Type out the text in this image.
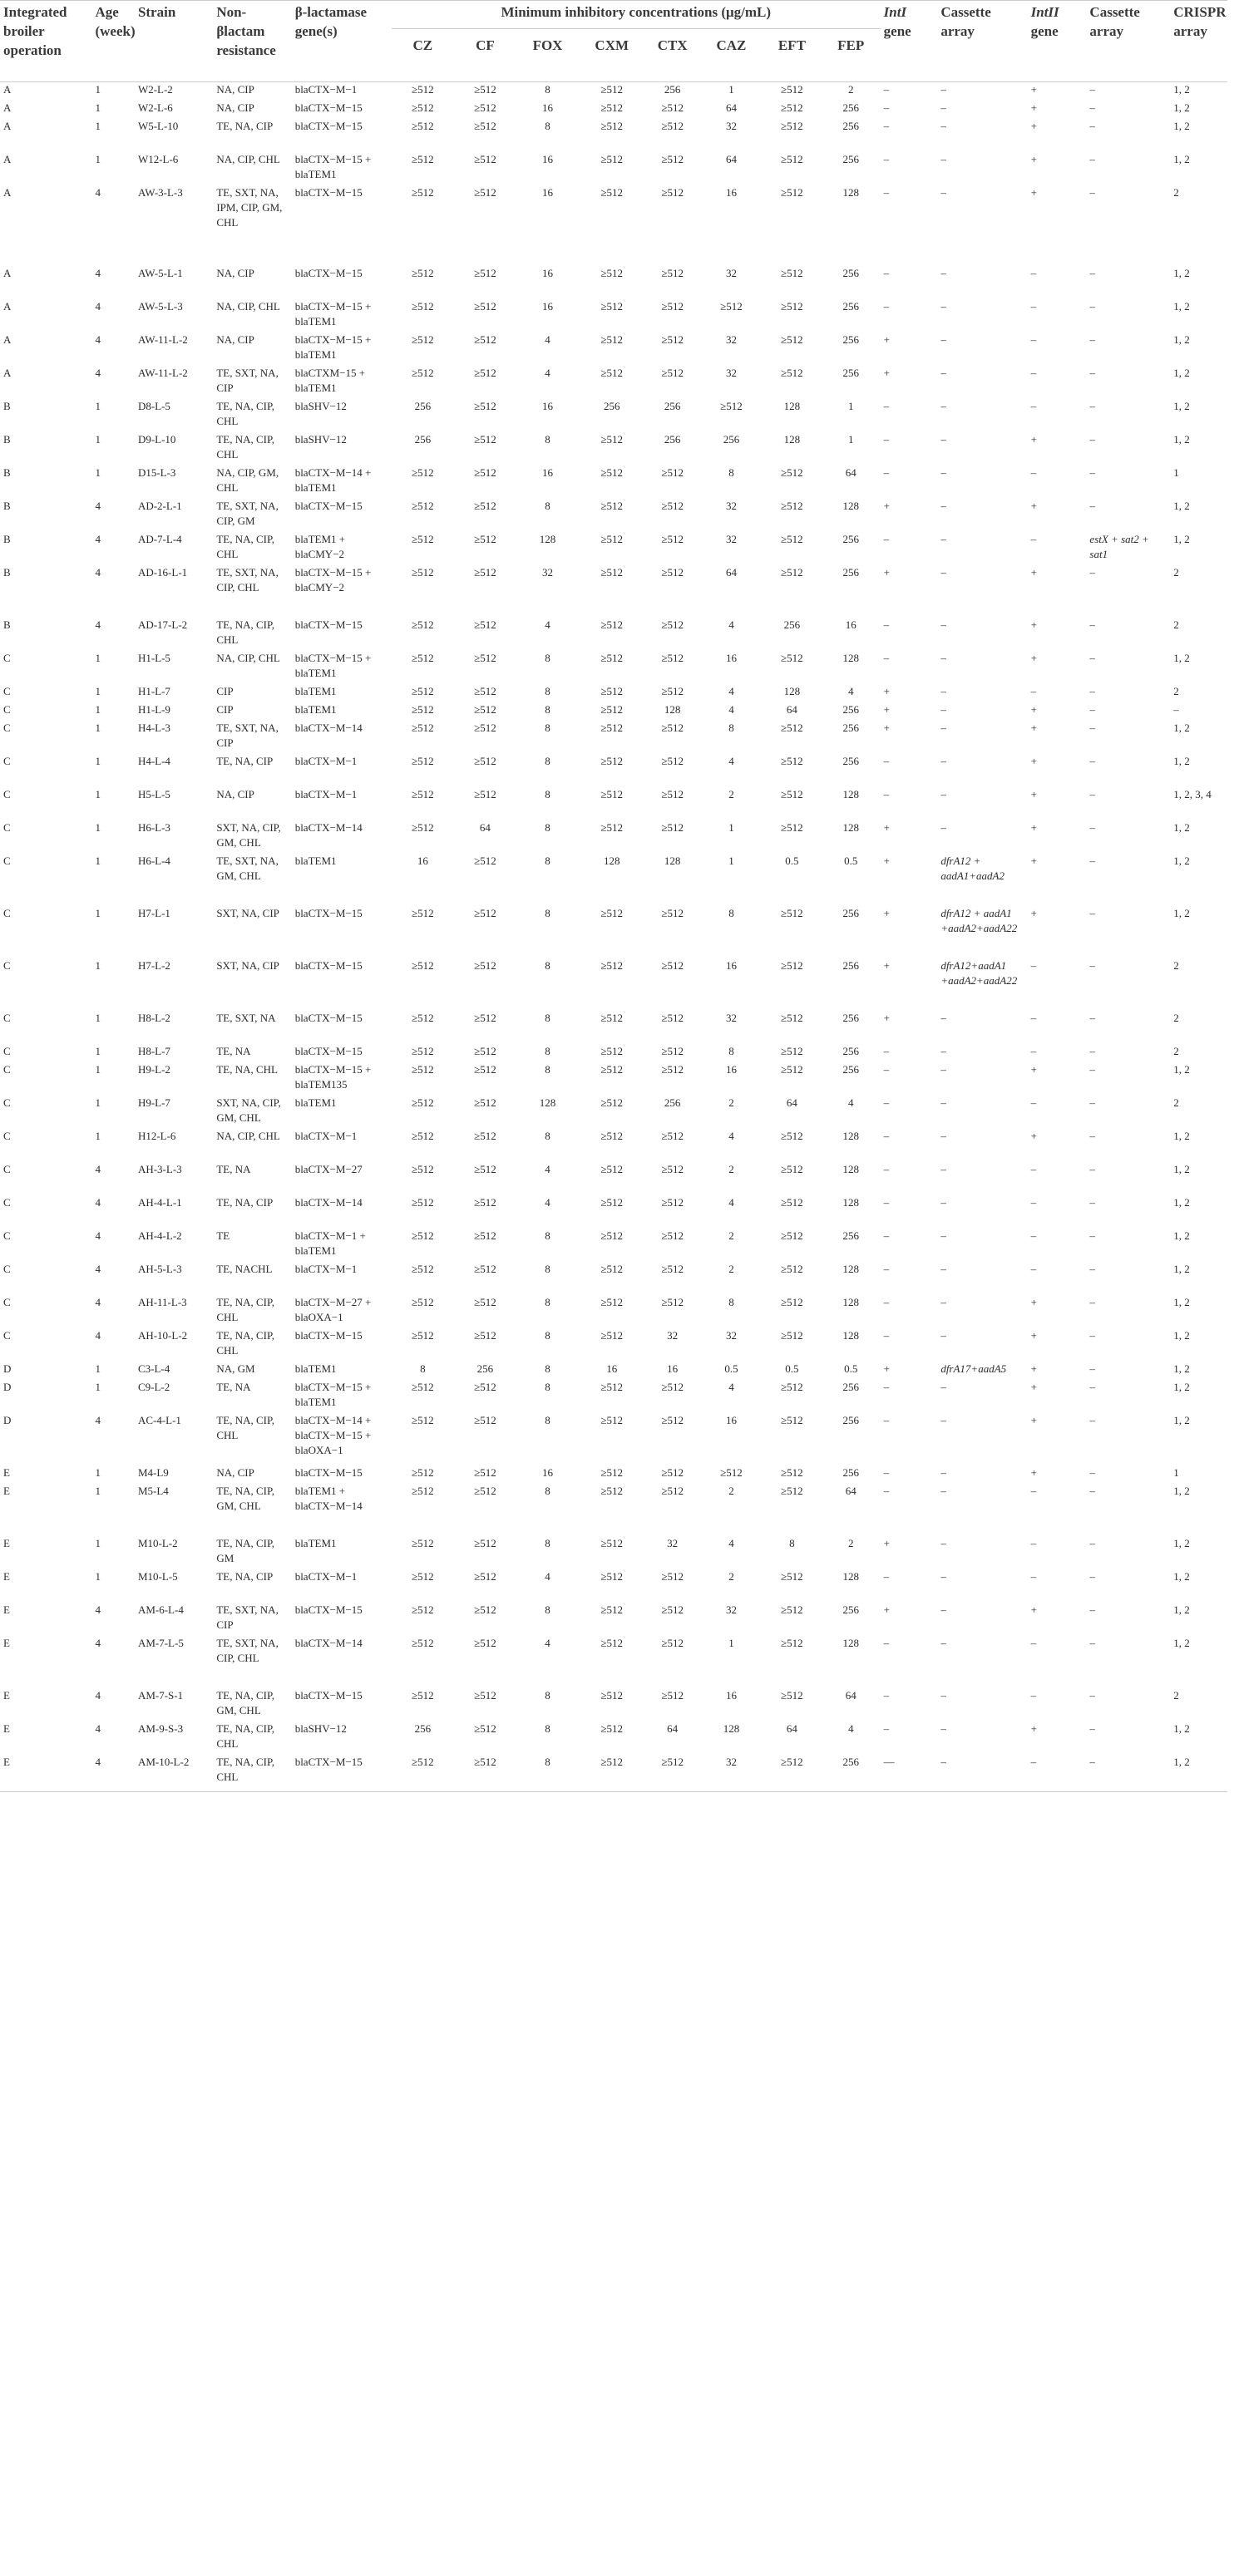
Integrated broiler operation	Age (week)	Strain	Non-βlactam resistance	β-lactamase gene(s)	Minimum inhibitory concentrations (μg/mL)								IntI gene	Cassette array	IntII gene	Cassette array	CRISPR array
					CZ	CF	FOX	CXM	CTX	CAZ	EFT	FEP					

A	1	W2-L-2	NA, CIP	blaCTX−M−1	≥512	≥512	8	≥512	256	1	≥512	2	–	–	+	–	1, 2
A	1	W2-L-6	NA, CIP	blaCTX−M−15	≥512	≥512	16	≥512	≥512	64	≥512	256	–	–	+	–	1, 2
A	1	W5-L-10	TE, NA, CIP	blaCTX−M−15	≥512	≥512	8	≥512	≥512	32	≥512	256	–	–	+	–	1, 2
A	1	W12-L-6	NA, CIP, CHL	blaCTX−M−15 + blaTEM1	≥512	≥512	16	≥512	≥512	64	≥512	256	–	–	+	–	1, 2
A	4	AW-3-L-3	TE, SXT, NA, IPM, CIP, GM, CHL	blaCTX−M−15	≥512	≥512	16	≥512	≥512	16	≥512	128	–	–	+	–	2
A	4	AW-5-L-1	NA, CIP	blaCTX−M−15	≥512	≥512	16	≥512	≥512	32	≥512	256	–	–	–	–	1, 2
A	4	AW-5-L-3	NA, CIP, CHL	blaCTX−M−15 + blaTEM1	≥512	≥512	16	≥512	≥512	≥512	≥512	256	–	–	–	–	1, 2
A	4	AW-11-L-2	NA, CIP	blaCTX−M−15 + blaTEM1	≥512	≥512	4	≥512	≥512	32	≥512	256	+	–	–	–	1, 2
A	4	AW-11-L-2	TE, SXT, NA, CIP	blaCTXM−15 + blaTEM1	≥512	≥512	4	≥512	≥512	32	≥512	256	+	–	–	–	1, 2
B	1	D8-L-5	TE, NA, CIP, CHL	blaSHV−12	256	≥512	16	256	256	≥512	128	1	–	–	–	–	1, 2
B	1	D9-L-10	TE, NA, CIP, CHL	blaSHV−12	256	≥512	8	≥512	256	256	128	1	–	–	+	–	1, 2
B	1	D15-L-3	NA, CIP, GM, CHL	blaCTX−M−14 + blaTEM1	≥512	≥512	16	≥512	≥512	8	≥512	64	–	–	–	–	1
B	4	AD-2-L-1	TE, SXT, NA, CIP, GM	blaCTX−M−15	≥512	≥512	8	≥512	≥512	32	≥512	128	+	–	+	–	1, 2
B	4	AD-7-L-4	TE, NA, CIP, CHL	blaTEM1 + blaCMY−2	≥512	≥512	128	≥512	≥512	32	≥512	256	–	–	–	estX + sat2 + sat1	1, 2
B	4	AD-16-L-1	TE, SXT, NA, CIP, CHL	blaCTX−M−15 + blaCMY−2	≥512	≥512	32	≥512	≥512	64	≥512	256	+	–	+	–	2
B	4	AD-17-L-2	TE, NA, CIP, CHL	blaCTX−M−15	≥512	≥512	4	≥512	≥512	4	256	16	–	–	+	–	2
C	1	H1-L-5	NA, CIP, CHL	blaCTX−M−15 + blaTEM1	≥512	≥512	8	≥512	≥512	16	≥512	128	–	–	+	–	1, 2
C	1	H1-L-7	CIP	blaTEM1	≥512	≥512	8	≥512	≥512	4	128	4	+	–	–	–	2
C	1	H1-L-9	CIP	blaTEM1	≥512	≥512	8	≥512	128	4	64	256	+	–	+	–	–
C	1	H4-L-3	TE, SXT, NA, CIP	blaCTX−M−14	≥512	≥512	8	≥512	≥512	8	≥512	256	+	–	+	–	1, 2
C	1	H4-L-4	TE, NA, CIP	blaCTX−M−1	≥512	≥512	8	≥512	≥512	4	≥512	256	–	–	+	–	1, 2
C	1	H5-L-5	NA, CIP	blaCTX−M−1	≥512	≥512	8	≥512	≥512	2	≥512	128	–	–	+	–	1, 2, 3, 4
C	1	H6-L-3	SXT, NA, CIP, GM, CHL	blaCTX−M−14	≥512	64	8	≥512	≥512	1	≥512	128	+	–	+	–	1, 2
C	1	H6-L-4	TE, SXT, NA, GM, CHL	blaTEM1	16	≥512	8	128	128	1	0.5	0.5	+	dfrA12 + aadA1+aadA2	+	–	1, 2
C	1	H7-L-1	SXT, NA, CIP	blaCTX−M−15	≥512	≥512	8	≥512	≥512	8	≥512	256	+	dfrA12 + aadA1 +aadA2+aadA22	+	–	1, 2
C	1	H7-L-2	SXT, NA, CIP	blaCTX−M−15	≥512	≥512	8	≥512	≥512	16	≥512	256	+	dfrA12+aadA1 +aadA2+aadA22	–	–	2
C	1	H8-L-2	TE, SXT, NA	blaCTX−M−15	≥512	≥512	8	≥512	≥512	32	≥512	256	+	–	–	–	2
C	1	H8-L-7	TE, NA	blaCTX−M−15	≥512	≥512	8	≥512	≥512	8	≥512	256	–	–	–	–	2
C	1	H9-L-2	TE, NA, CHL	blaCTX−M−15 + blaTEM135	≥512	≥512	8	≥512	≥512	16	≥512	256	–	–	+	–	1, 2
C	1	H9-L-7	SXT, NA, CIP, GM, CHL	blaTEM1	≥512	≥512	128	≥512	256	2	64	4	–	–	–	–	2
C	1	H12-L-6	NA, CIP, CHL	blaCTX−M−1	≥512	≥512	8	≥512	≥512	4	≥512	128	–	–	+	–	1, 2
C	4	AH-3-L-3	TE, NA	blaCTX−M−27	≥512	≥512	4	≥512	≥512	2	≥512	128	–	–	–	–	1, 2
C	4	AH-4-L-1	TE, NA, CIP	blaCTX−M−14	≥512	≥512	4	≥512	≥512	4	≥512	128	–	–	–	–	1, 2
C	4	AH-4-L-2	TE	blaCTX−M−1 + blaTEM1	≥512	≥512	8	≥512	≥512	2	≥512	256	–	–	–	–	1, 2
C	4	AH-5-L-3	TE, NACHL	blaCTX−M−1	≥512	≥512	8	≥512	≥512	2	≥512	128	–	–	–	–	1, 2
C	4	AH-11-L-3	TE, NA, CIP, CHL	blaCTX−M−27 + blaOXA−1	≥512	≥512	8	≥512	≥512	8	≥512	128	–	–	+	–	1, 2
C	4	AH-10-L-2	TE, NA, CIP, CHL	blaCTX−M−15	≥512	≥512	8	≥512	32	32	≥512	128	–	–	+	–	1, 2
D	1	C3-L-4	NA, GM	blaTEM1	8	256	8	16	16	0.5	0.5	0.5	+	dfrA17+aadA5	+	–	1, 2
D	1	C9-L-2	TE, NA	blaCTX−M−15 + blaTEM1	≥512	≥512	8	≥512	≥512	4	≥512	256	–	–	+	–	1, 2
D	4	AC-4-L-1	TE, NA, CIP, CHL	blaCTX−M−14 + blaCTX−M−15 + blaOXA−1	≥512	≥512	8	≥512	≥512	16	≥512	256	–	–	+	–	1, 2
E	1	M4-L9	NA, CIP	blaCTX−M−15	≥512	≥512	16	≥512	≥512	≥512	≥512	256	–	–	+	–	1
E	1	M5-L4	TE, NA, CIP, GM, CHL	blaTEM1 + blaCTX−M−14	≥512	≥512	8	≥512	≥512	2	≥512	64	–	–	–	–	1, 2
E	1	M10-L-2	TE, NA, CIP, GM	blaTEM1	≥512	≥512	8	≥512	32	4	8	2	+	–	–	–	1, 2
E	1	M10-L-5	TE, NA, CIP	blaCTX−M−1	≥512	≥512	4	≥512	≥512	2	≥512	128	–	–	–	–	1, 2
E	4	AM-6-L-4	TE, SXT, NA, CIP	blaCTX−M−15	≥512	≥512	8	≥512	≥512	32	≥512	256	+	–	+	–	1, 2
E	4	AM-7-L-5	TE, SXT, NA, CIP, CHL	blaCTX−M−14	≥512	≥512	4	≥512	≥512	1	≥512	128	–	–	–	–	1, 2
E	4	AM-7-S-1	TE, NA, CIP, GM, CHL	blaCTX−M−15	≥512	≥512	8	≥512	≥512	16	≥512	64	–	–	–	–	2
E	4	AM-9-S-3	TE, NA, CIP, CHL	blaSHV−12	256	≥512	8	≥512	64	128	64	4	–	–	+	–	1, 2
E	4	AM-10-L-2	TE, NA, CIP, CHL	blaCTX−M−15	≥512	≥512	8	≥512	≥512	32	≥512	256	—	–	–	–	1, 2
